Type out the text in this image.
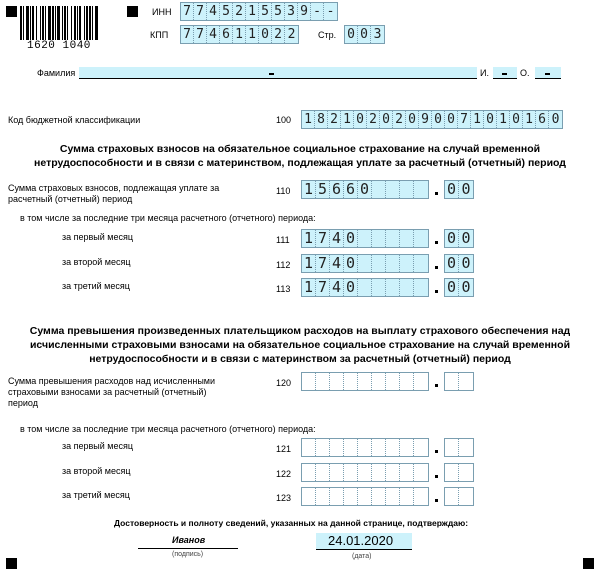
1620 1040
ИНН 7 7 4 5 2 1 5 5 3 9 - -
КПП 7 7 4 6 1 1 0 2 2	Стр. 0 0 3
Фамилия	И.	О.
Код бюджетной классификации	100 1 8 2 1 0 2 0 2 0 9 0 0 7 1 0 1 0 1 6 0
Сумма страховых взносов на обязательное социальное страхование на случай временной
нетрудоспособности и в связи с материнством, подлежащая уплате за расчетный (отчетный) период
Сумма страховых взносов, подлежащая уплате за
расчетный (отчетный) период
110 1 5 6 6 0	0 0
в том числе за последние три месяца расчетного (отчетного) периода:
за первый месяц	111 1 7 4 0	0 0
за второй месяц	112 1 7 4 0	0 0
за третий месяц	113 1 7 4 0	0 0
Сумма превышения произведенных плательщиком расходов на выплату страхового обеспечения над
исчисленными страховыми взносами на обязательное социальное страхование на случай временной
нетрудоспособности и в связи с материнством за расчетный (отчетный) период
Сумма превышения расходов над исчисленными
страховыми взносами за расчетный (отчетный)
период
120
в том числе за последние три месяца расчетного (отчетного) периода:
за первый месяц	121
за второй месяц	122
за третий месяц	123
Достоверность и полноту сведений, указанных на данной странице, подтверждаю:
Иванов
(подпись)
24.01.2020
(дата)
